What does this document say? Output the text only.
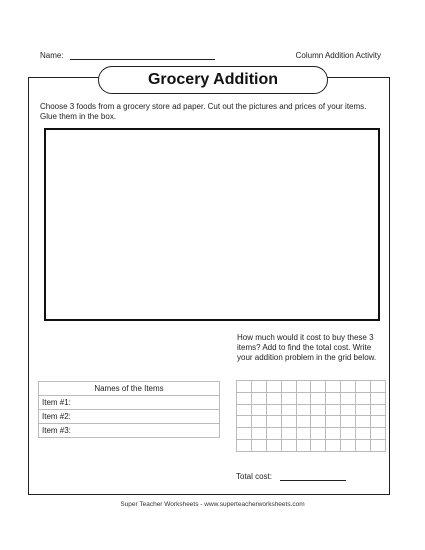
Name:	Column Addition Activity
Grocery Addition
Choose 3 foods from a grocery store ad paper. Cut out the pictures and prices of your items. Glue them in the box.
How much would it cost to buy these 3 items? Add to find the total cost. Write your addition problem in the grid below.
Names of the Items
Item #1:
Item #2:
Item #3:

Total cost:
Super Teacher Worksheets - www.superteacherworksheets.com
